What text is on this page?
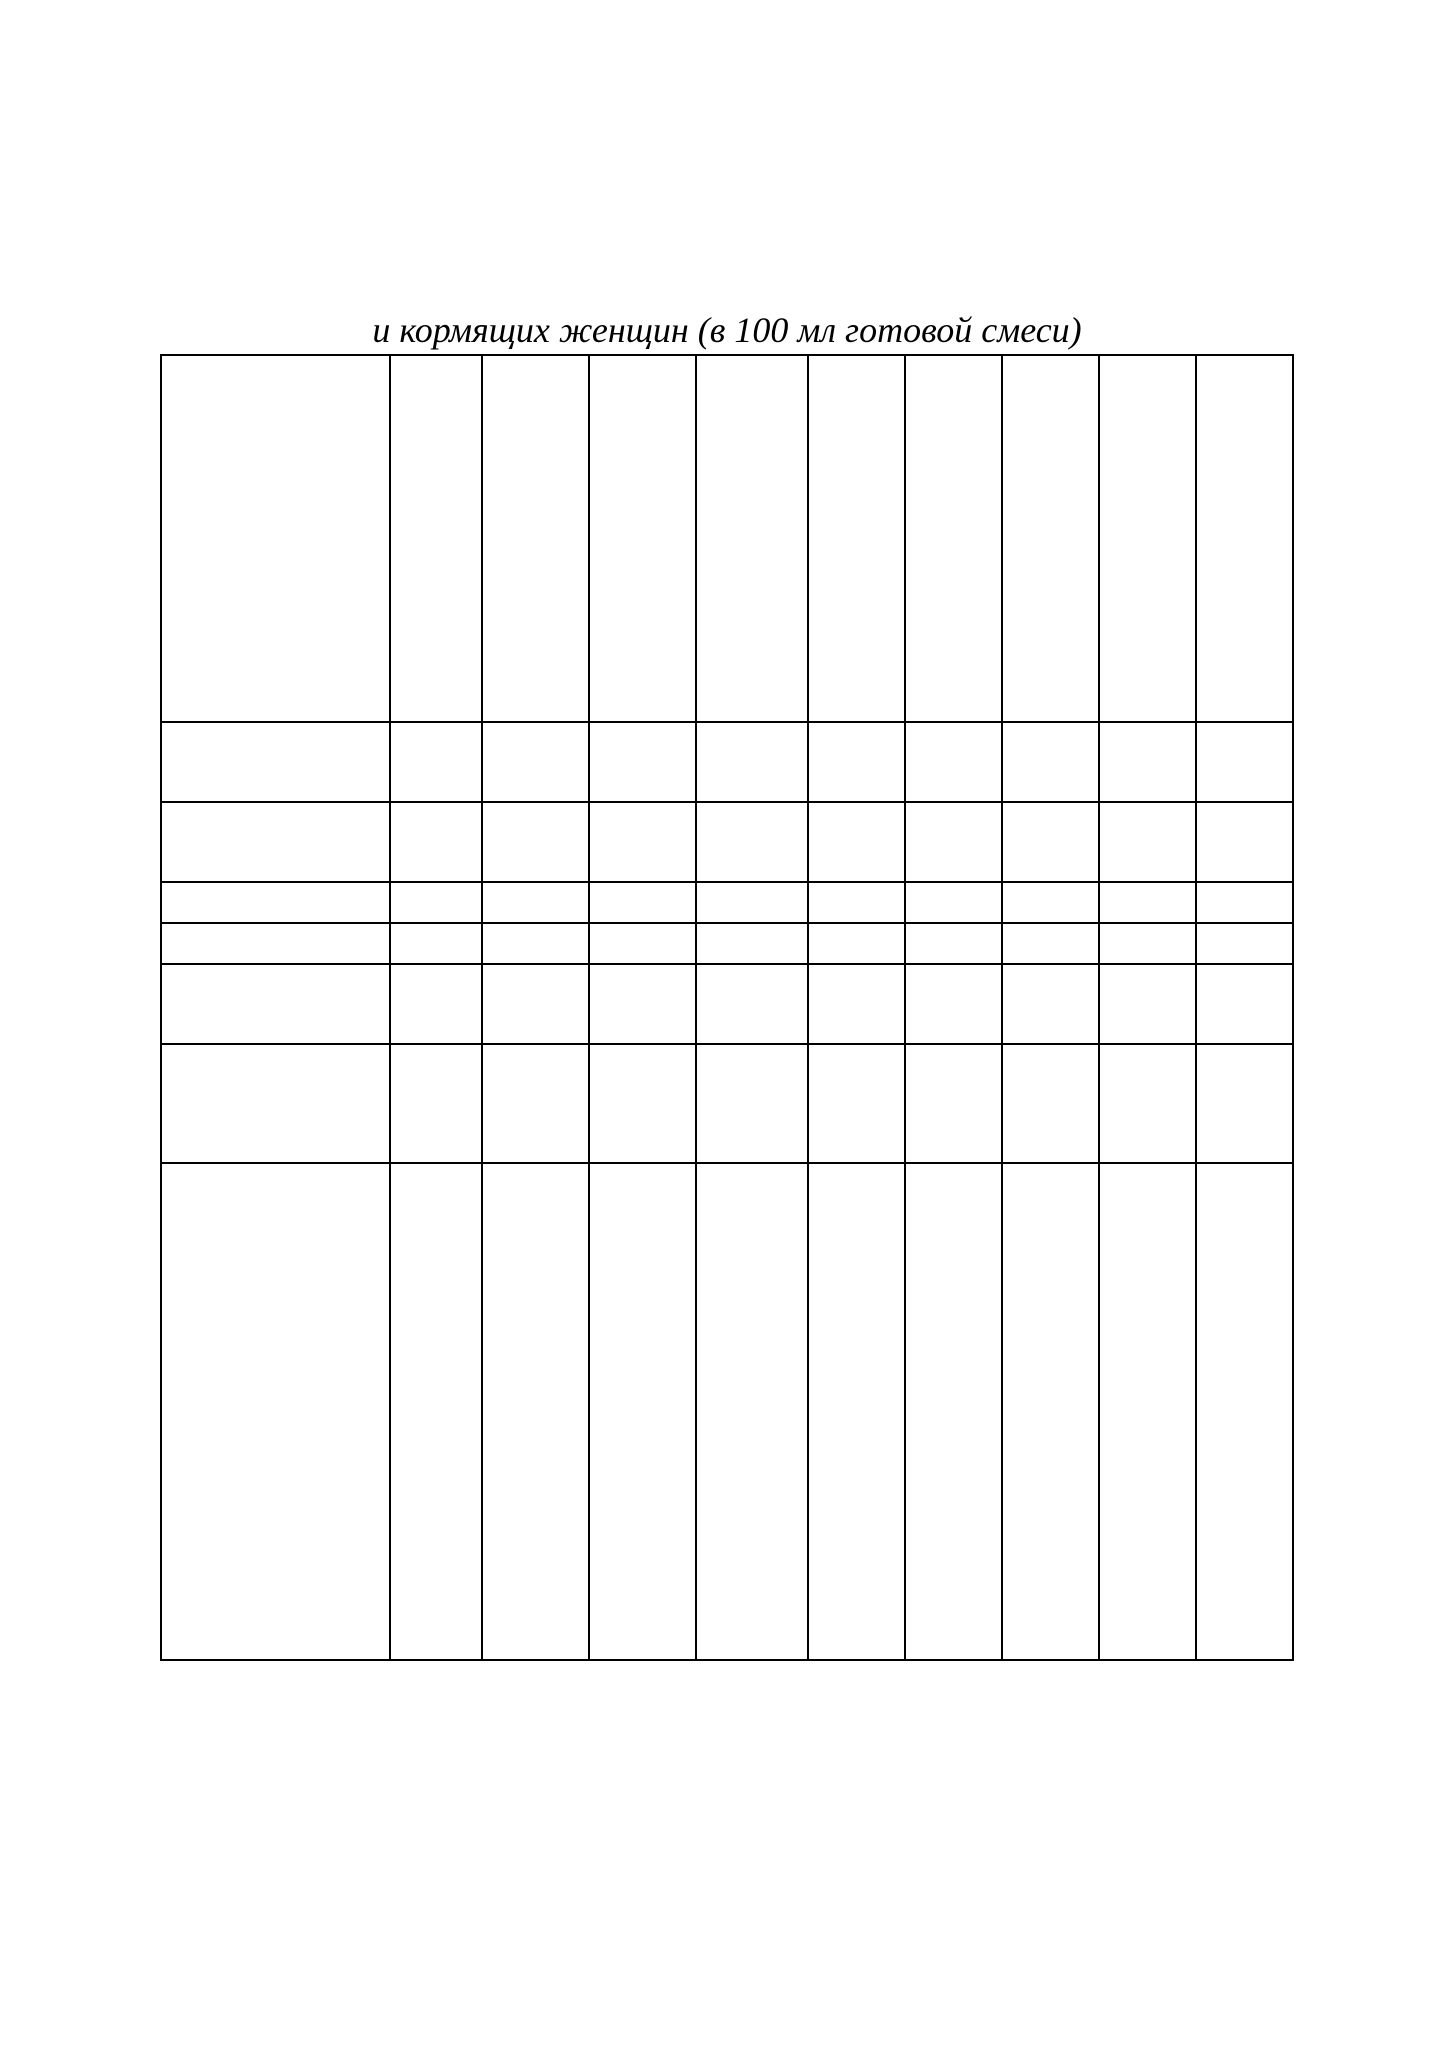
и кормящих женщин (в 100 мл готовой смеси)
